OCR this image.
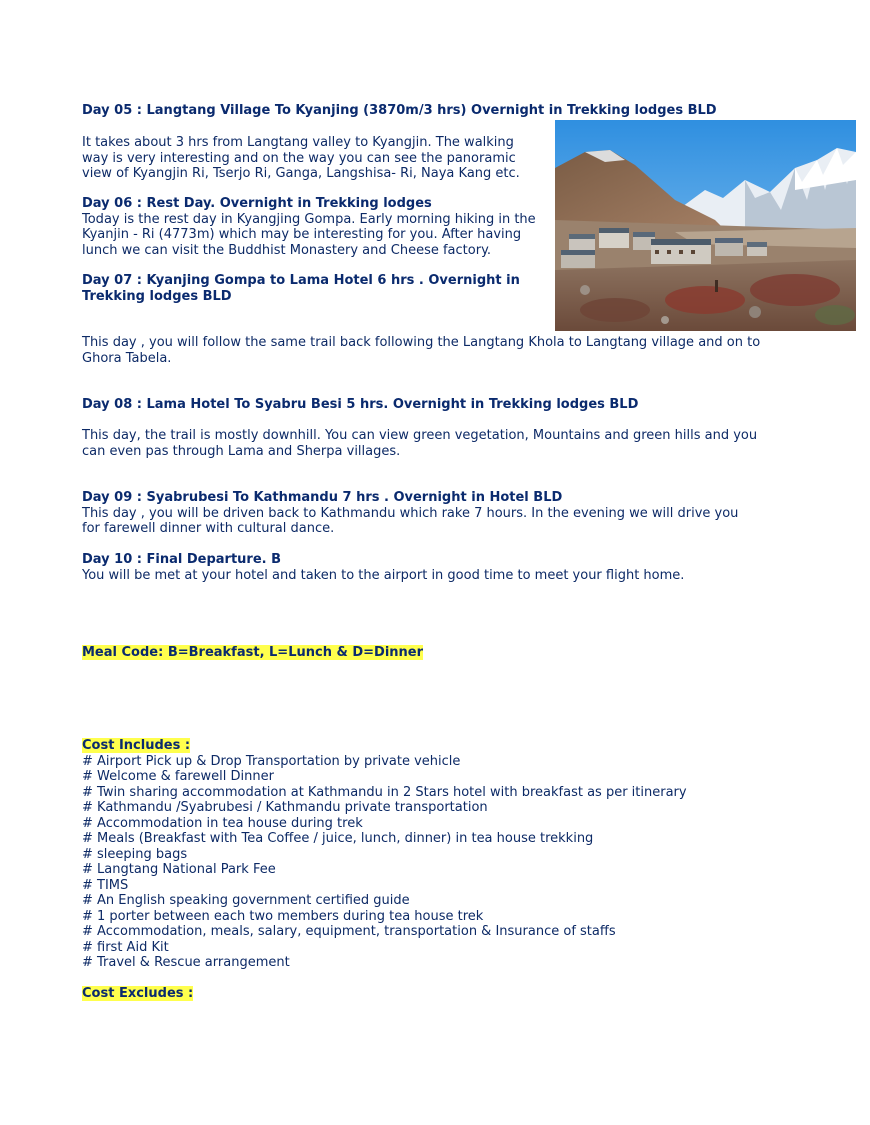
Day 05 : Langtang Village To Kyanjing (3870m/3 hrs) Overnight in Trekking lodges BLD

It takes about 3 hrs from Langtang valley to Kyangjin. The walking

way is very interesting and on the way you can see the panoramic

view of Kyangjin Ri, Tserjo Ri, Ganga, Langshisa- Ri, Naya Kang etc.

Day 06 : Rest Day. Overnight in Trekking lodges

Today is the rest day in Kyangjing Gompa. Early morning hiking in the

Kyanjin - Ri (4773m) which may be interesting for you. After having

lunch we can visit the Buddhist Monastery and Cheese factory.

Day 07 : Kyanjing Gompa to Lama Hotel 6 hrs . Overnight in

Trekking lodges BLD

This day , you will follow the same trail back following the Langtang Khola to Langtang village and on to

Ghora Tabela.

Day 08 : Lama Hotel To Syabru Besi 5 hrs. Overnight in Trekking lodges BLD

This day, the trail is mostly downhill. You can view green vegetation, Mountains and green hills and you

can even pas through Lama and Sherpa villages.

Day 09 : Syabrubesi To Kathmandu 7 hrs . Overnight in Hotel BLD

This day , you will be driven back to Kathmandu which rake 7 hours. In the evening we will drive you

for farewell dinner with cultural dance.

Day 10 : Final Departure. B

You will be met at your hotel and taken to the airport in good time to meet your flight home.

Meal Code: B=Breakfast, L=Lunch & D=Dinner

Cost Includes :

# Airport Pick up & Drop Transportation by private vehicle

# Welcome & farewell Dinner

# Twin sharing accommodation at Kathmandu in 2 Stars hotel with breakfast as per itinerary

# Kathmandu /Syabrubesi / Kathmandu private transportation

# Accommodation in tea house during trek

# Meals (Breakfast with Tea Coffee / juice, lunch, dinner) in tea house trekking

# sleeping bags

# Langtang National Park Fee

# TIMS

# An English speaking government certified guide

# 1 porter between each two members during tea house trek

# Accommodation, meals, salary, equipment, transportation & Insurance of staffs

# first Aid Kit

# Travel & Rescue arrangement

Cost Excludes :
